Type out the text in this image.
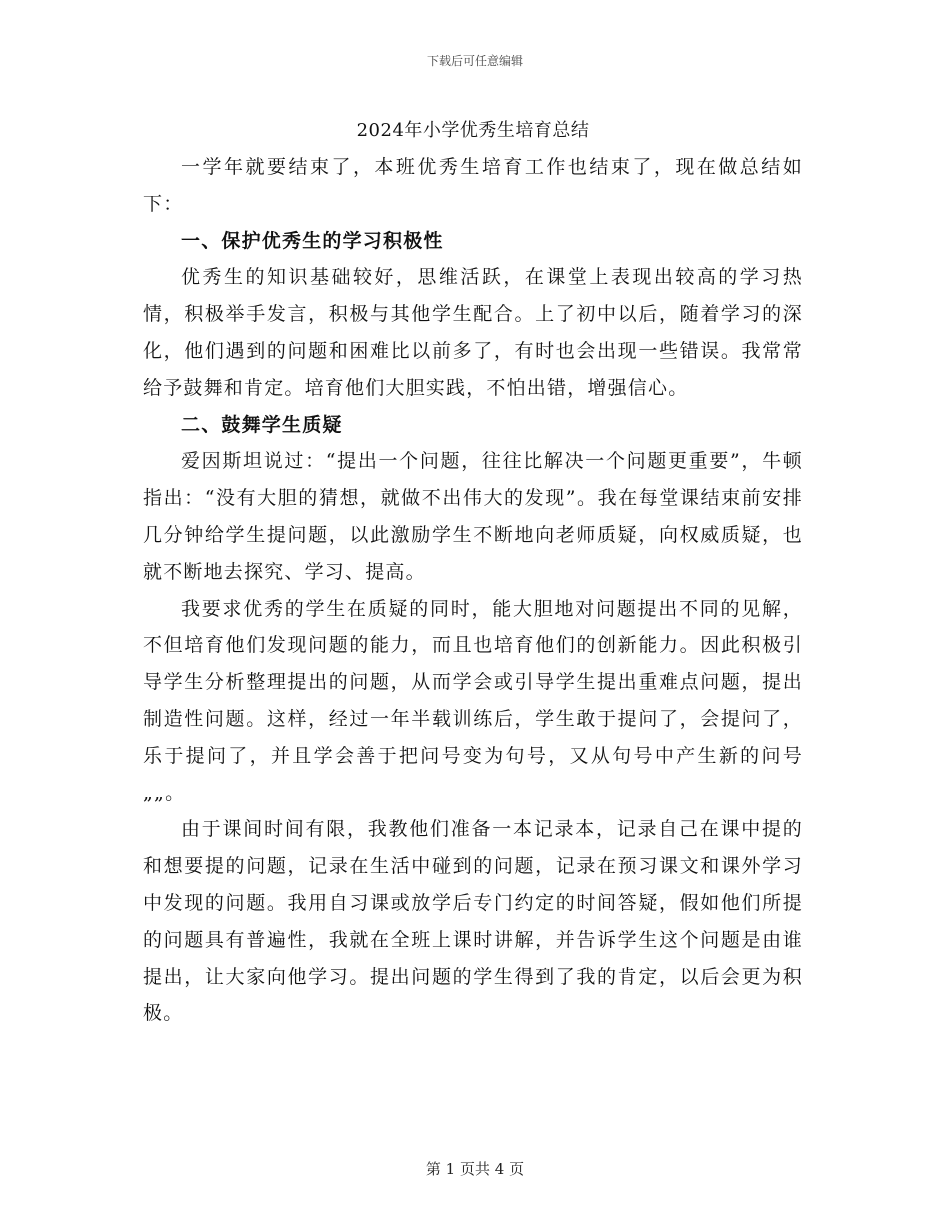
下载后可任意编辑
2024年小学优秀生培育总结

一学年就要结束了，本班优秀生培育工作也结束了，现在做总结如下：

一、保护优秀生的学习积极性

优秀生的知识基础较好，思维活跃，在课堂上表现出较高的学习热情，积极举手发言，积极与其他学生配合。上了初中以后，随着学习的深化，他们遇到的问题和困难比以前多了，有时也会出现一些错误。我常常给予鼓舞和肯定。培育他们大胆实践，不怕出错，增强信心。

二、鼓舞学生质疑

爱因斯坦说过：“提出一个问题，往往比解决一个问题更重要”，牛顿指出：“没有大胆的猜想，就做不出伟大的发现”。我在每堂课结束前安排几分钟给学生提问题，以此激励学生不断地向老师质疑，向权威质疑，也就不断地去探究、学习、提高。

我要求优秀的学生在质疑的同时，能大胆地对问题提出不同的见解，不但培育他们发现问题的能力，而且也培育他们的创新能力。因此积极引导学生分析整理提出的问题，从而学会或引导学生提出重难点问题，提出制造性问题。这样，经过一年半载训练后，学生敢于提问了，会提问了，乐于提问了，并且学会善于把问号变为句号，又从句号中产生新的问号„„。

由于课间时间有限，我教他们准备一本记录本，记录自己在课中提的和想要提的问题，记录在生活中碰到的问题，记录在预习课文和课外学习中发现的问题。我用自习课或放学后专门约定的时间答疑，假如他们所提的问题具有普遍性，我就在全班上课时讲解，并告诉学生这个问题是由谁提出，让大家向他学习。提出问题的学生得到了我的肯定，以后会更为积极。

第 1 页共 4 页
